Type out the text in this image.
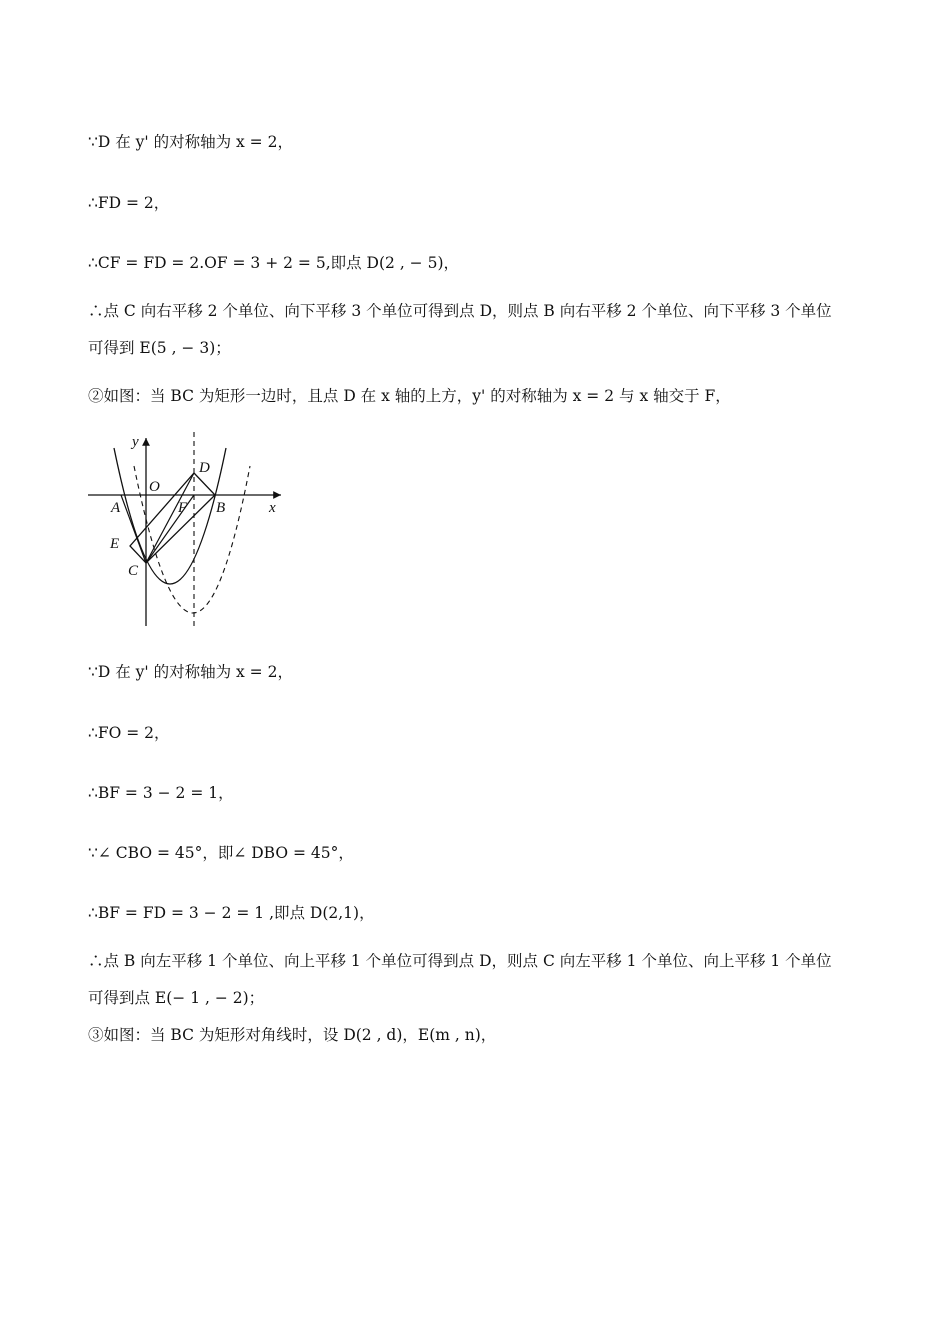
∵D 在 y' 的对称轴为 x = 2，
∴FD = 2，
∴CF = FD = 2.OF = 3 + 2 = 5,即点 D(2 , − 5)，
∴点 C 向右平移 2 个单位、向下平移 3 个单位可得到点 D，则点 B 向右平移 2 个单位、向下平移 3 个单位
可得到 E(5 , − 3)；
②如图：当 BC 为矩形一边时，且点 D 在 x 轴的上方，y' 的对称轴为 x = 2 与 x 轴交于 F，
y
x
O
D
A	F B
E
C
∵D 在 y' 的对称轴为 x = 2，
∴FO = 2，
∴BF = 3 − 2 = 1，
∵∠ CBO = 45°，即∠ DBO = 45°，
∴BF = FD = 3 − 2 = 1 ,即点 D(2,1)，
∴点 B 向左平移 1 个单位、向上平移 1 个单位可得到点 D，则点 C 向左平移 1 个单位、向上平移 1 个单位
可得到点 E(− 1 , − 2)；
③如图：当 BC 为矩形对角线时，设 D(2 , d)，E(m , n)，
